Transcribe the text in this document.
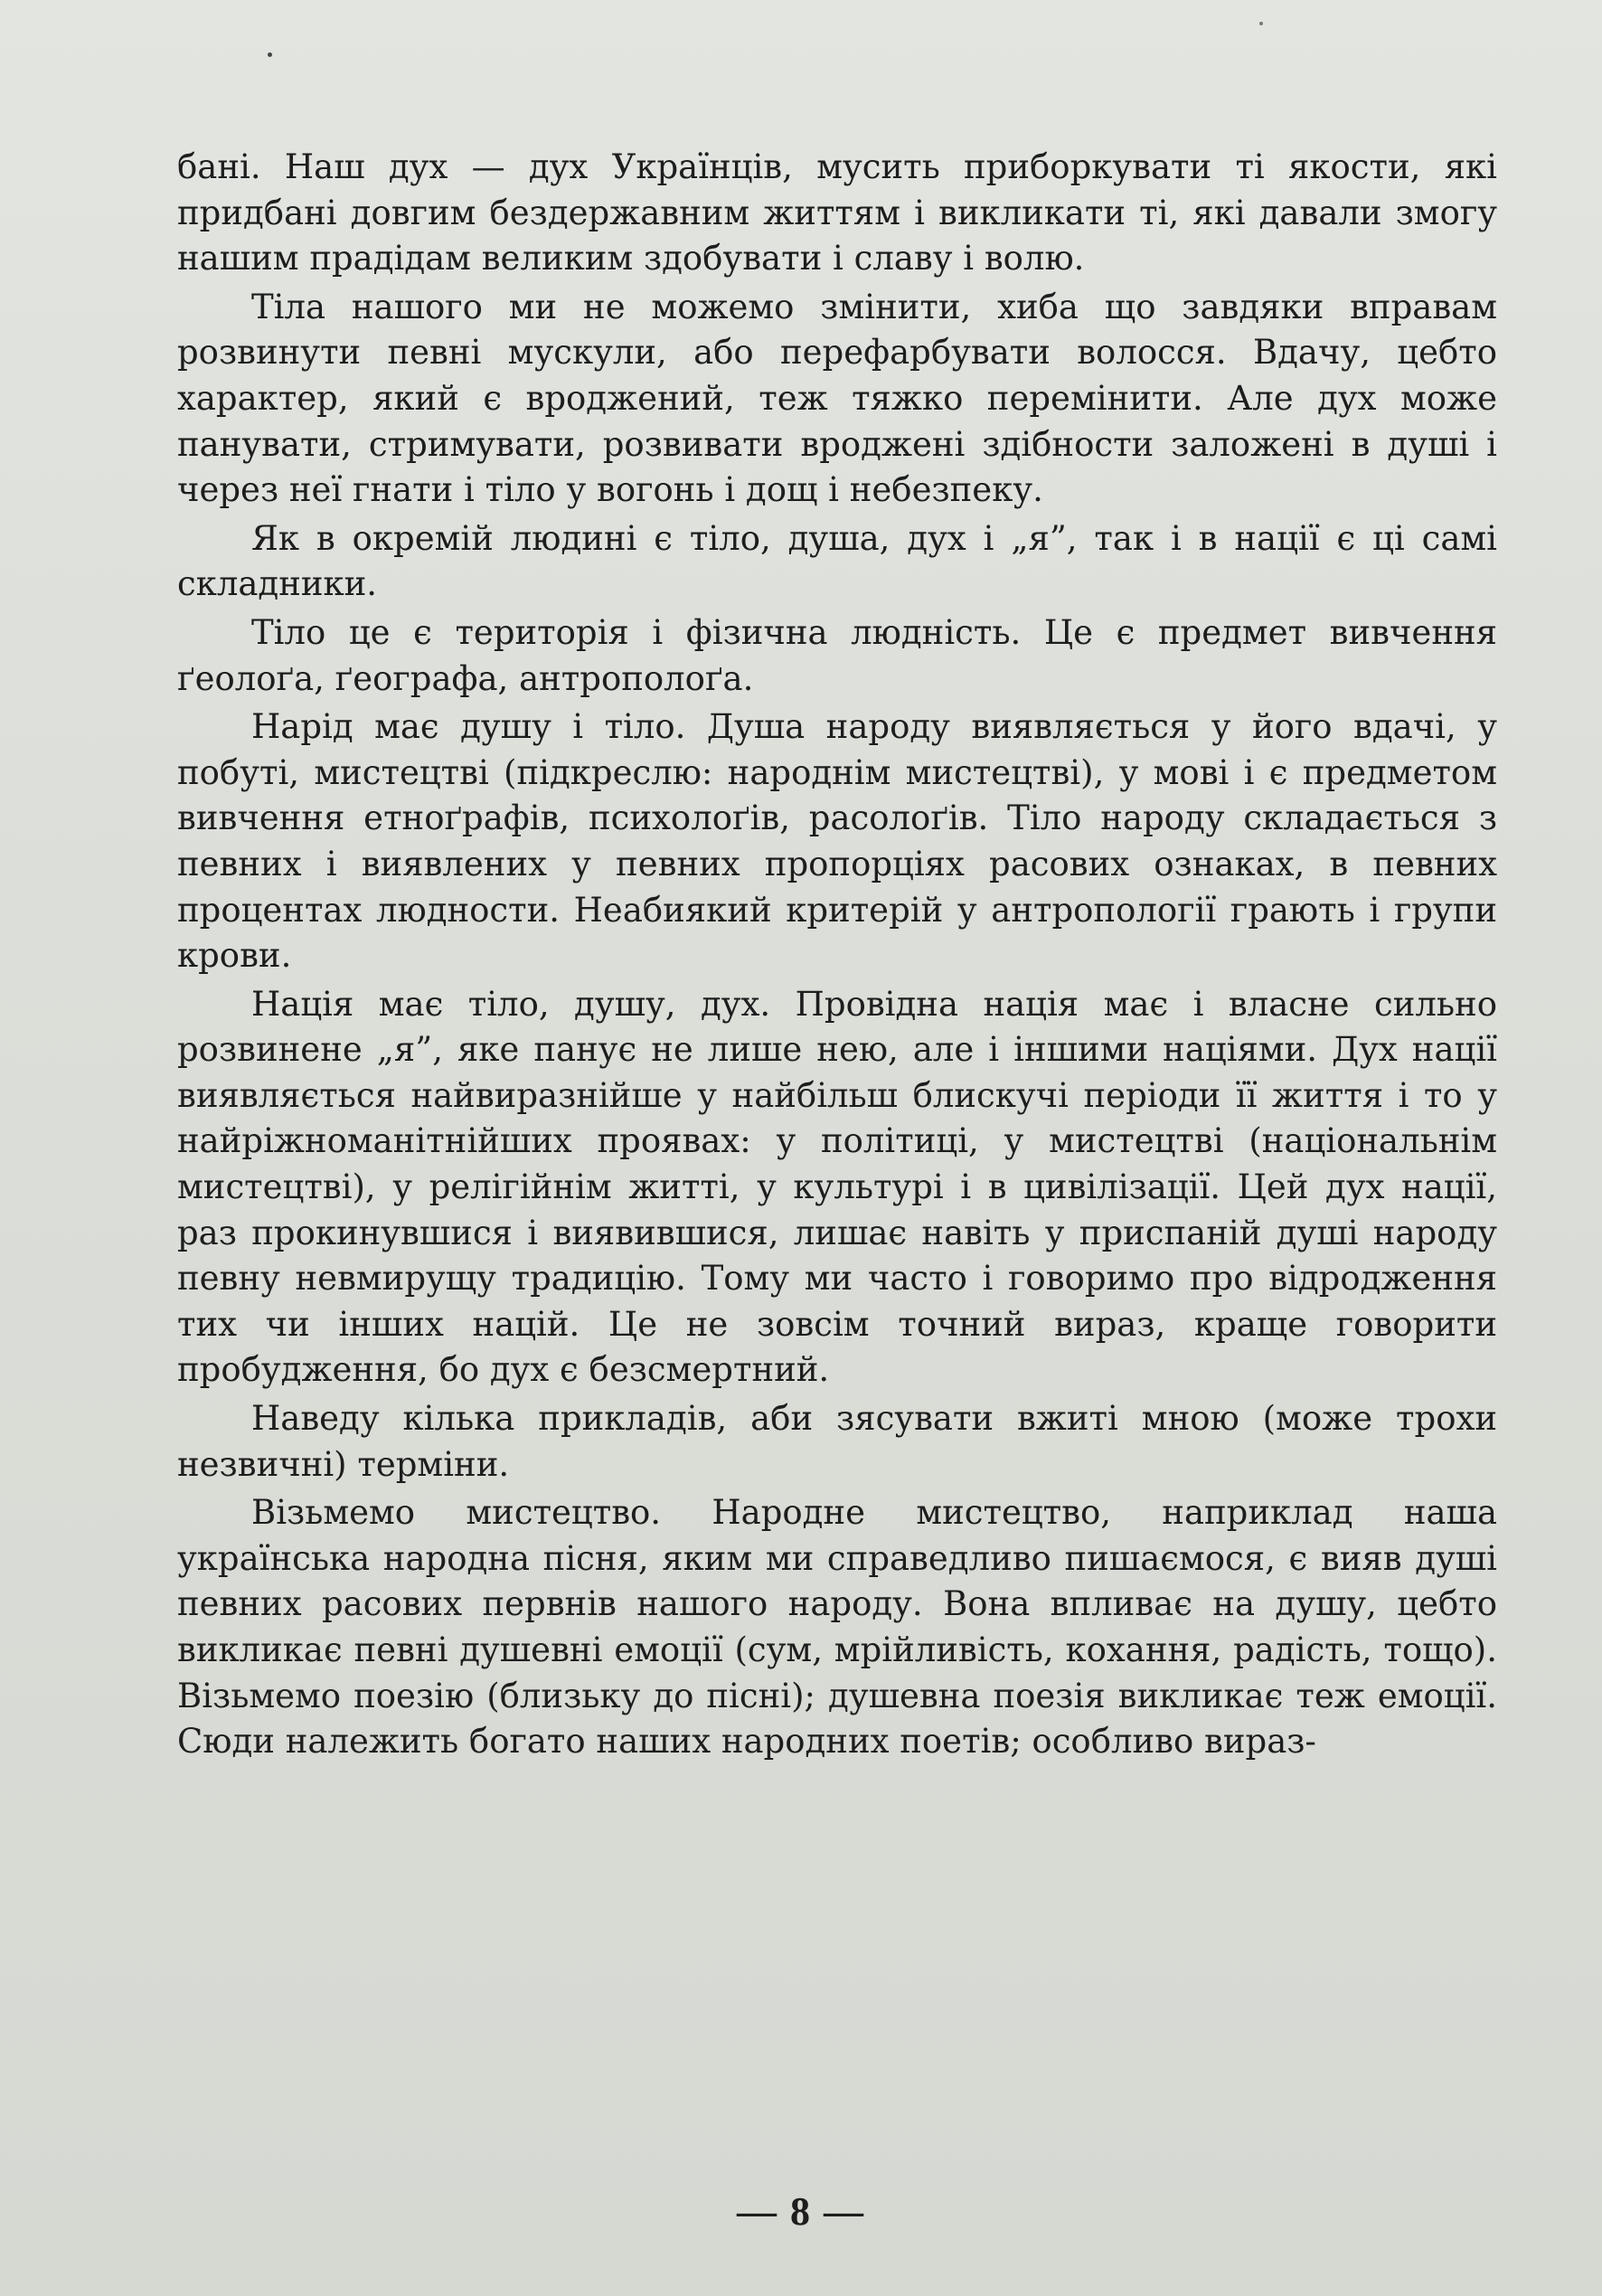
бані. Наш дух — дух Українців, мусить приборкувати ті якости, які придбані довгим бездержавним життям і викликати ті, які давали змогу нашим прадідам великим здобувати і славу і волю.

Тіла нашого ми не можемо змінити, хиба що завдяки вправам розвинути певні мускули, або перефарбувати волосся. Вдачу, цебто характер, який є вроджений, теж тяжко перемінити. Але дух може панувати, стримувати, розвивати вроджені здібности заложені в душі і через неї гнати і тіло у вогонь і дощ і небезпеку.

Як в окремій людині є тіло, душа, дух і „я”, так і в нації є ці самі складники.

Тіло це є територія і фізична людність. Це є предмет вивчення ґеолоґа, ґеографа, антрополоґа.

Нарід має душу і тіло. Душа народу виявляється у його вдачі, у побуті, мистецтві (підкреслю: народнім мистецтві), у мові і є предметом вивчення етноґрафів, психолоґів, расолоґів. Тіло народу складається з певних і виявлених у певних пропорціях расових ознаках, в певних процентах людности. Неабиякий критерій у антропології грають і групи крови.

Нація має тіло, душу, дух. Провідна нація має і власне сильно розвинене „я”, яке панує не лише нею, але і іншими націями. Дух нації виявляється найвиразнійше у найбільш блискучі періоди її життя і то у найріжноманітнійших проявах: у політиці, у мистецтві (національнім мистецтві), у релігійнім житті, у культурі і в цивілізації. Цей дух нації, раз прокинувшися і виявившися, лишає навіть у приспаній душі народу певну невмирущу традицію. Тому ми часто і говоримо про відродження тих чи інших націй. Це не зовсім точний вираз, краще говорити пробудження, бо дух є безсмертний.

Наведу кілька прикладів, аби зясувати вжиті мною (може трохи незвичні) терміни.

Візьмемо мистецтво. Народне мистецтво, наприклад наша українська народна пісня, яким ми справедливо пишаємося, є вияв душі певних расових первнів нашого народу. Вона впливає на душу, цебто викликає певні душевні емоції (сум, мрійливість, кохання, радість, тощо). Візьмемо поезію (близьку до пісні); душевна поезія викликає теж емоції. Сюди належить богато наших народних поетів; особливо вираз-

— 8 —
